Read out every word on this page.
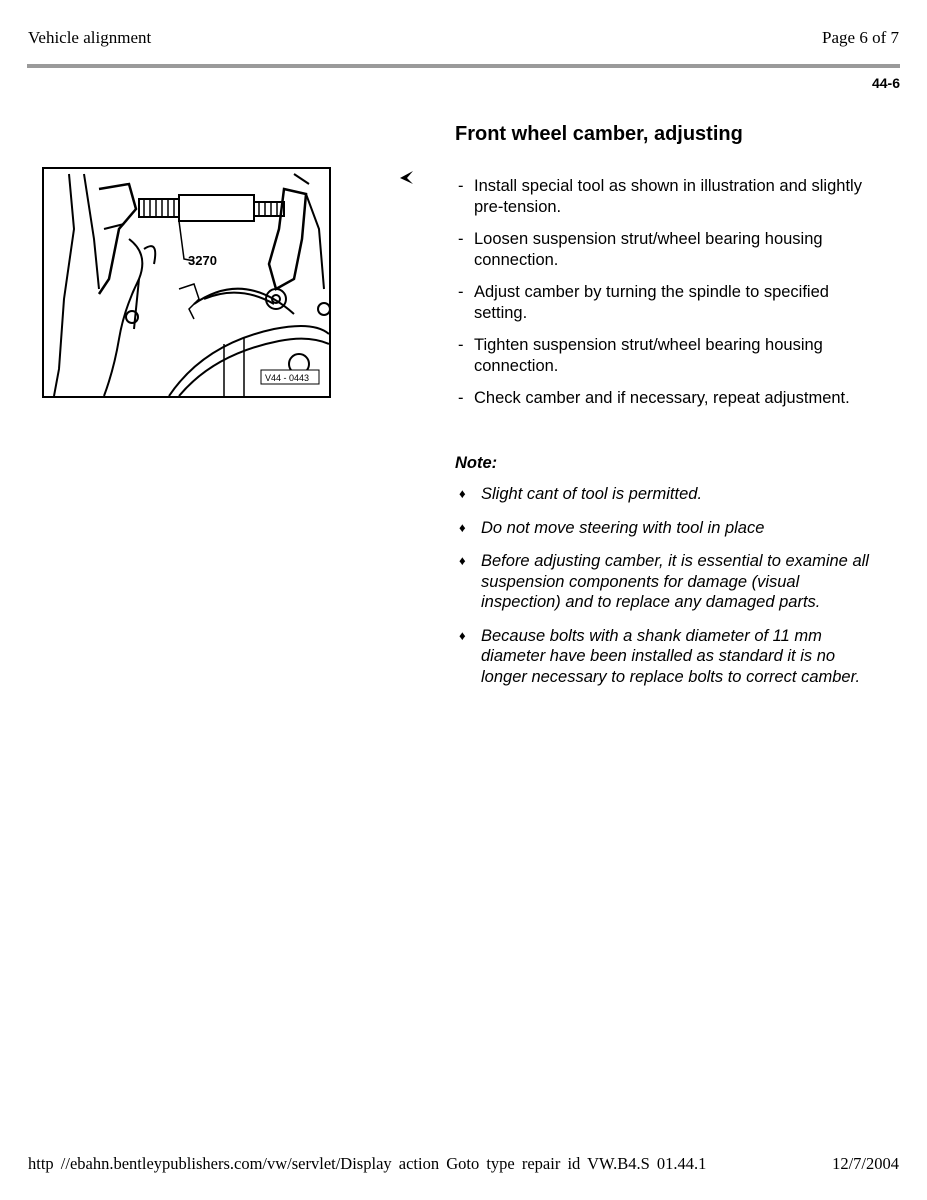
Vehicle alignment	Page 6 of 7
44-6
3270
V44 - 0443
Front wheel camber, adjusting
- Install special tool as shown in illustration and slightly pre-tension.
- Loosen suspension strut/wheel bearing housing connection.
- Adjust camber by turning the spindle to specified setting.
- Tighten suspension strut/wheel bearing housing connection.
- Check camber and if necessary, repeat adjustment.
Note:
♦ Slight cant of tool is permitted.
♦ Do not move steering with tool in place
♦ Before adjusting camber, it is essential to examine all suspension components for damage (visual inspection) and to replace any damaged parts.
♦ Because bolts with a shank diameter of 11 mm diameter have been installed as standard it is no longer necessary to replace bolts to correct camber.
http //ebahn.bentleypublishers.com/vw/servlet/Display action Goto type repair id VW.B4.S 01.44.1	12/7/2004
